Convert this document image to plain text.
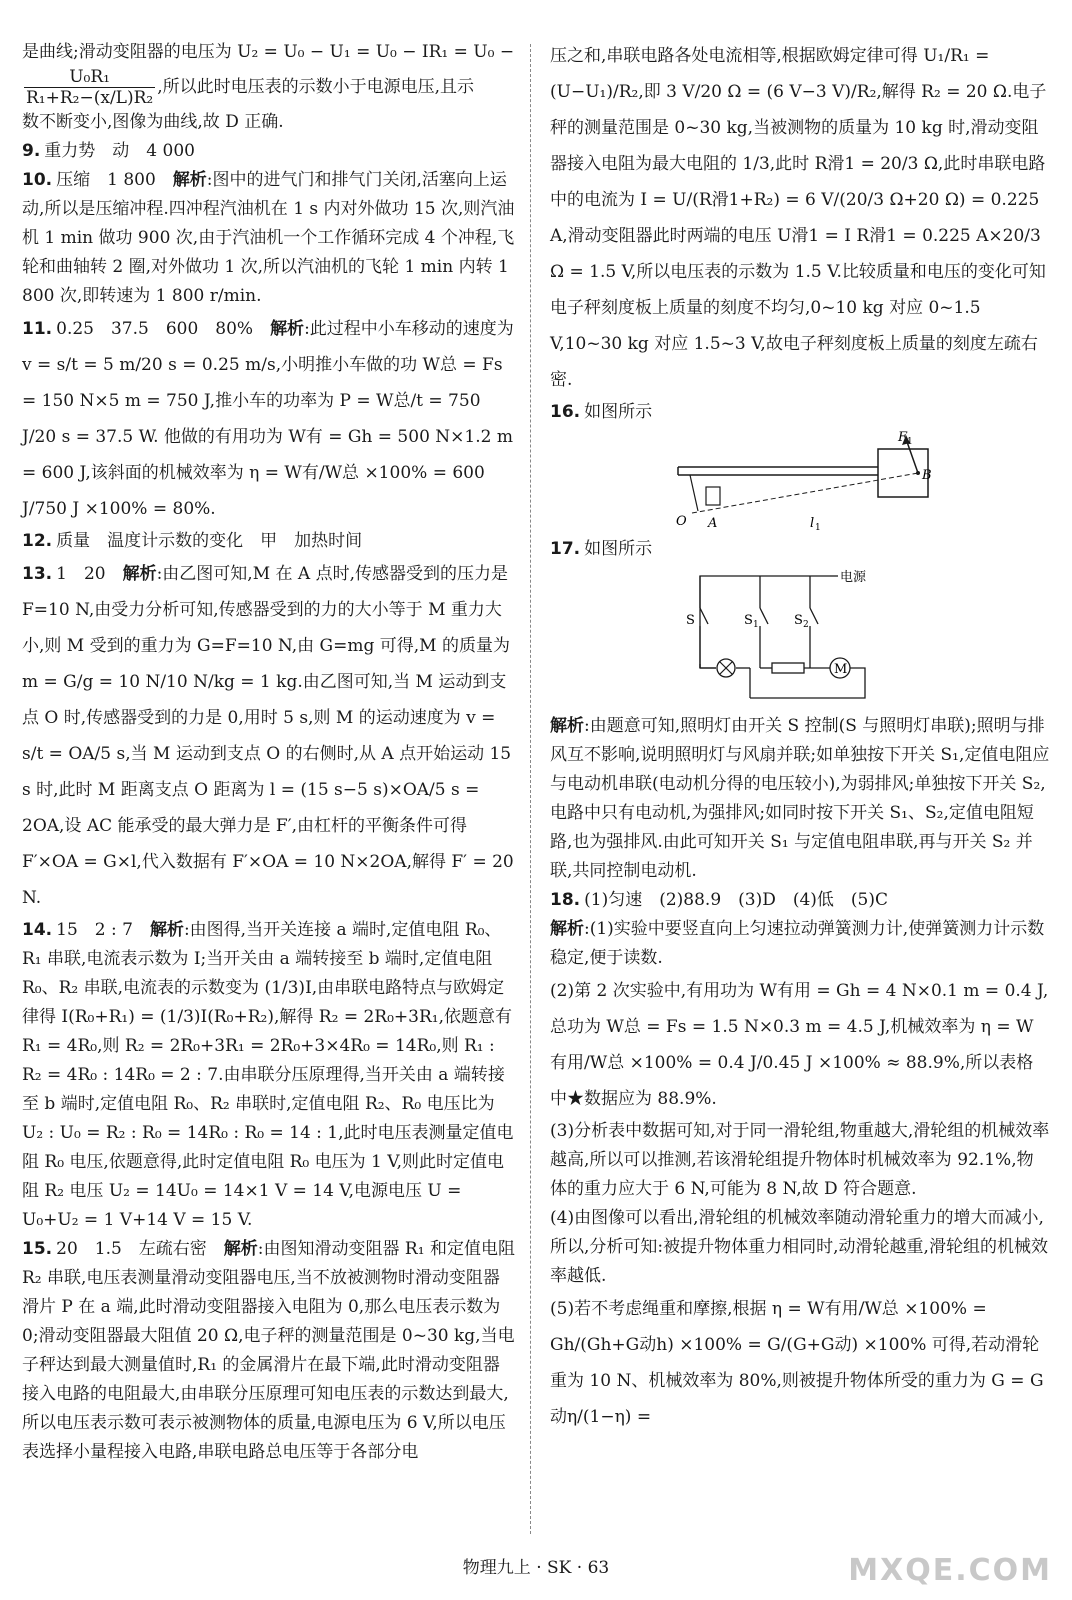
是曲线;滑动变阻器的电压为 U₂ = U₀ − U₁ = U₀ − IR₁ = U₀ −

$\frac{\text{U₀R₁}}{\text{R₁+R₂−(x/L)R₂}}$ ,所以此时电压表的示数小于电源电压,且示
数不断变小,图像为曲线,故 D 正确.

9. 重力势　动　4 000

10. 压缩　1 800　 解析:图中的进气门和排气门关闭,活塞向上运动,所以是压缩冲程.四冲程汽油机在 1 s 内对外做功 15 次,则汽油机 1 min 做功 900 次,由于汽油机一个工作循环完成 4 个冲程,飞轮和曲轴转 2 圈,对外做功 1 次,所以汽油机的飞轮 1 min 内转 1 800 次,即转速为 1 800 r/min.

11. 0.25　37.5　600　80%　 解析:此过程中小车移动的速度为 v = s/t = 5 m/20 s = 0.25 m/s,小明推小车做的功 W总 = Fs = 150 N×5 m = 750 J,推小车的功率为 P = W总/t = 750 J/20 s = 37.5 W. 他做的有用功为 W有 = Gh = 500 N×1.2 m = 600 J,该斜面的机械效率为 η = W有/W总 ×100% = 600 J/750 J ×100% = 80%.

12. 质量　温度计示数的变化　甲　加热时间

13. 1　20　 解析:由乙图可知,M 在 A 点时,传感器受到的压力是 F=10 N,由受力分析可知,传感器受到的力的大小等于 M 重力大小,则 M 受到的重力为 G=F=10 N,由 G=mg 可得,M 的质量为 m = G/g = 10 N/10 N/kg = 1 kg.由乙图可知,当 M 运动到支点 O 时,传感器受到的力是 0,用时 5 s,则 M 的运动速度为 v = s/t = OA/5 s,当 M 运动到支点 O 的右侧时,从 A 点开始运动 15 s 时,此时 M 距离支点 O 距离为 l = (15 s−5 s)×OA/5 s = 2OA,设 AC 能承受的最大弹力是 F′,由杠杆的平衡条件可得 F′×OA = G×l,代入数据有 F′×OA = 10 N×2OA,解得 F′ = 20 N.

14. 15　2 : 7　 解析:由图得,当开关连接 a 端时,定值电阻 R₀、R₁ 串联,电流表示数为 I;当开关由 a 端转接至 b 端时,定值电阻 R₀、R₂ 串联,电流表的示数变为 (1/3)I,由串联电路特点与欧姆定律得 I(R₀+R₁) = (1/3)I(R₀+R₂),解得 R₂ = 2R₀+3R₁,依题意有 R₁ = 4R₀,则 R₂ = 2R₀+3R₁ = 2R₀+3×4R₀ = 14R₀,则 R₁ : R₂ = 4R₀ : 14R₀ = 2 : 7.由串联分压原理得,当开关由 a 端转接至 b 端时,定值电阻 R₀、R₂ 串联时,定值电阻 R₂、R₀ 电压比为 U₂ : U₀ = R₂ : R₀ = 14R₀ : R₀ = 14 : 1,此时电压表测量定值电阻 R₀ 电压,依题意得,此时定值电阻 R₀ 电压为 1 V,则此时定值电阻 R₂ 电压 U₂ = 14U₀ = 14×1 V = 14 V,电源电压 U = U₀+U₂ = 1 V+14 V = 15 V.

15. 20　1.5　左疏右密　 解析:由图知滑动变阻器 R₁ 和定值电阻 R₂ 串联,电压表测量滑动变阻器电压,当不放被测物时滑动变阻器滑片 P 在 a 端,此时滑动变阻器接入电阻为 0,那么电压表示数为 0;滑动变阻器最大阻值 20 Ω,电子秤的测量范围是 0~30 kg,当电子秤达到最大测量值时,R₁ 的金属滑片在最下端,此时滑动变阻器接入电路的电阻最大,由串联分压原理可知电压表的示数达到最大,所以电压表示数可表示被测物体的质量,电源电压为 6 V,所以电压表选择小量程接入电路,串联电路总电压等于各部分电

压之和,串联电路各处电流相等,根据欧姆定律可得 U₁/R₁ = (U−U₁)/R₂,即 3 V/20 Ω = (6 V−3 V)/R₂,解得 R₂ = 20 Ω.电子秤的测量范围是 0~30 kg,当被测物的质量为 10 kg 时,滑动变阻器接入电阻为最大电阻的 1/3,此时 R滑1 = 20/3 Ω,此时串联电路中的电流为 I = U/(R滑1+R₂) = 6 V/(20/3 Ω+20 Ω) = 0.225 A,滑动变阻器此时两端的电压 U滑1 = I R滑1 = 0.225 A×20/3 Ω = 1.5 V,所以电压表的示数为 1.5 V.比较质量和电压的变化可知电子秤刻度板上质量的刻度不均匀,0~10 kg 对应 0~1.5 V,10~30 kg 对应 1.5~3 V,故电子秤刻度板上质量的刻度左疏右密.

16. 如图所示

F 1
B
O A	l 1

17. 如图所示

M
S	S 1	S 2
电源

解析:由题意可知,照明灯由开关 S 控制(S 与照明灯串联);照明与排风互不影响,说明照明灯与风扇并联;如单独按下开关 S₁,定值电阻应与电动机串联(电动机分得的电压较小),为弱排风;单独按下开关 S₂,电路中只有电动机,为强排风;如同时按下开关 S₁、S₂,定值电阻短路,也为强排风.由此可知开关 S₁ 与定值电阻串联,再与开关 S₂ 并联,共同控制电动机.

18. (1)匀速　(2)88.9　(3)D　(4)低　(5)C

解析:(1)实验中要竖直向上匀速拉动弹簧测力计,使弹簧测力计示数稳定,便于读数.

(2)第 2 次实验中,有用功为 W有用 = Gh = 4 N×0.1 m = 0.4 J,总功为 W总 = Fs = 1.5 N×0.3 m = 4.5 J,机械效率为 η = W有用/W总 ×100% = 0.4 J/0.45 J ×100% ≈ 88.9%,所以表格中★数据应为 88.9%.

(3)分析表中数据可知,对于同一滑轮组,物重越大,滑轮组的机械效率越高,所以可以推测,若该滑轮组提升物体时机械效率为 92.1%,物体的重力应大于 6 N,可能为 8 N,故 D 符合题意.

(4)由图像可以看出,滑轮组的机械效率随动滑轮重力的增大而减小,所以,分析可知:被提升物体重力相同时,动滑轮越重,滑轮组的机械效率越低.

(5)若不考虑绳重和摩擦,根据 η = W有用/W总 ×100% = Gh/(Gh+G动h) ×100% = G/(G+G动) ×100% 可得,若动滑轮重为 10 N、机械效率为 80%,则被提升物体所受的重力为 G = G动η/(1−η) =

物理九上 · SK · 63	MXQE.COM
